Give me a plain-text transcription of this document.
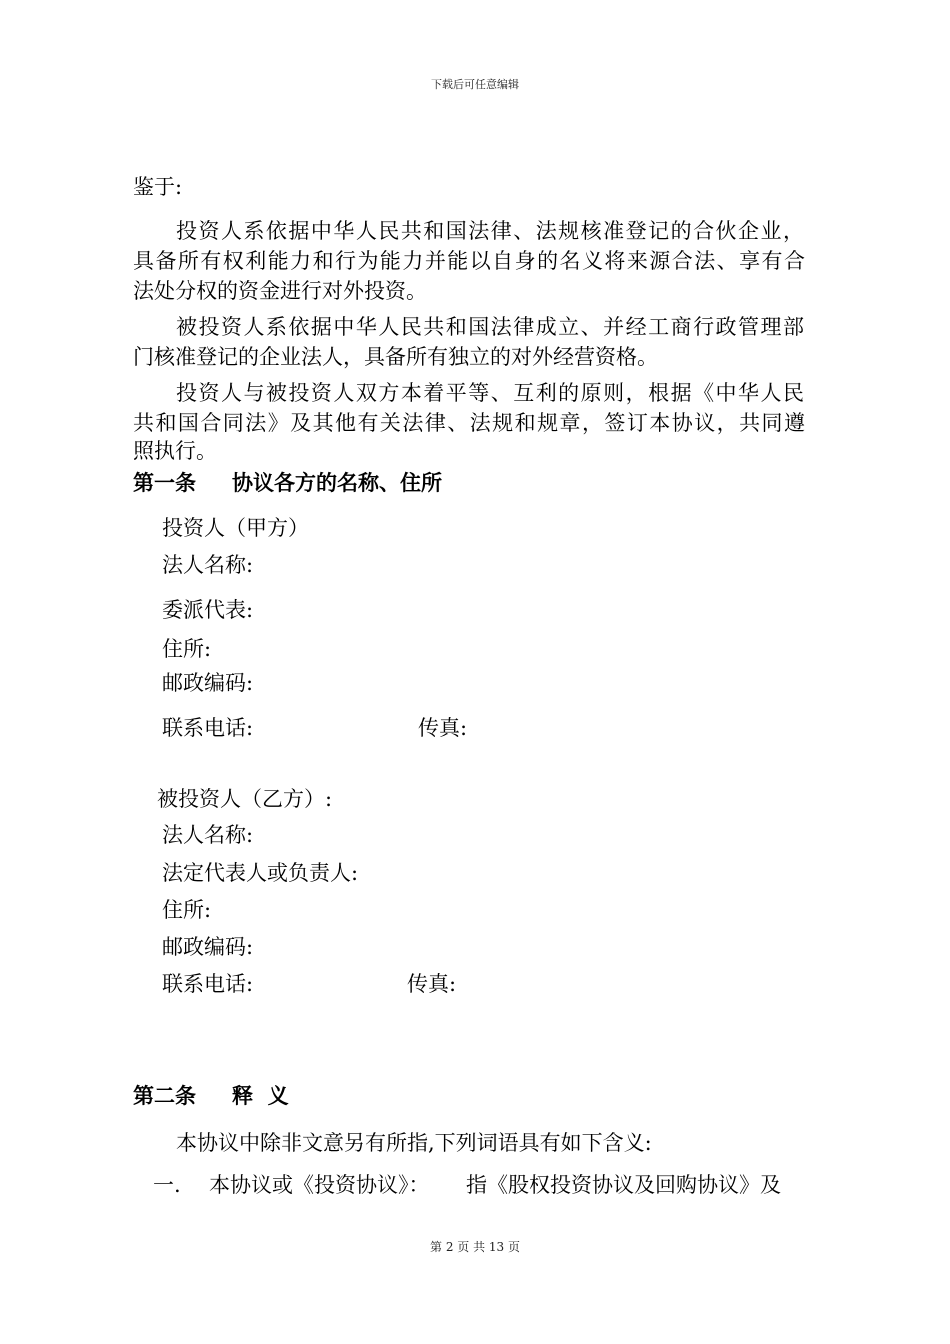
下载后可任意编辑
鉴于:
投资人系依据中华人民共和国法律、法规核准登记的合伙企业，
具备所有权利能力和行为能力并能以自身的名义将来源合法、享有合
法处分权的资金进行对外投资。
被投资人系依据中华人民共和国法律成立、并经工商行政管理部
门核准登记的企业法人，具备所有独立的对外经营资格。
投资人与被投资人双方本着平等、互利的原则，根据《中华人民
共和国合同法》及其他有关法律、法规和规章，签订本协议，共同遵
照执行。
第一条 协议各方的名称、住所
投资人（甲方）
法人名称:
委派代表:
住所:
邮政编码:
联系电话:	传真:
被投资人（乙方）:
法人名称:
法定代表人或负责人:
住所:
邮政编码:
联系电话:	传真:
第二条 释  义
本协议中除非文意另有所指,下列词语具有如下含义:
一. 本协议或《投资协议》： 指《股权投资协议及回购协议》及
第 2 页 共 13 页
